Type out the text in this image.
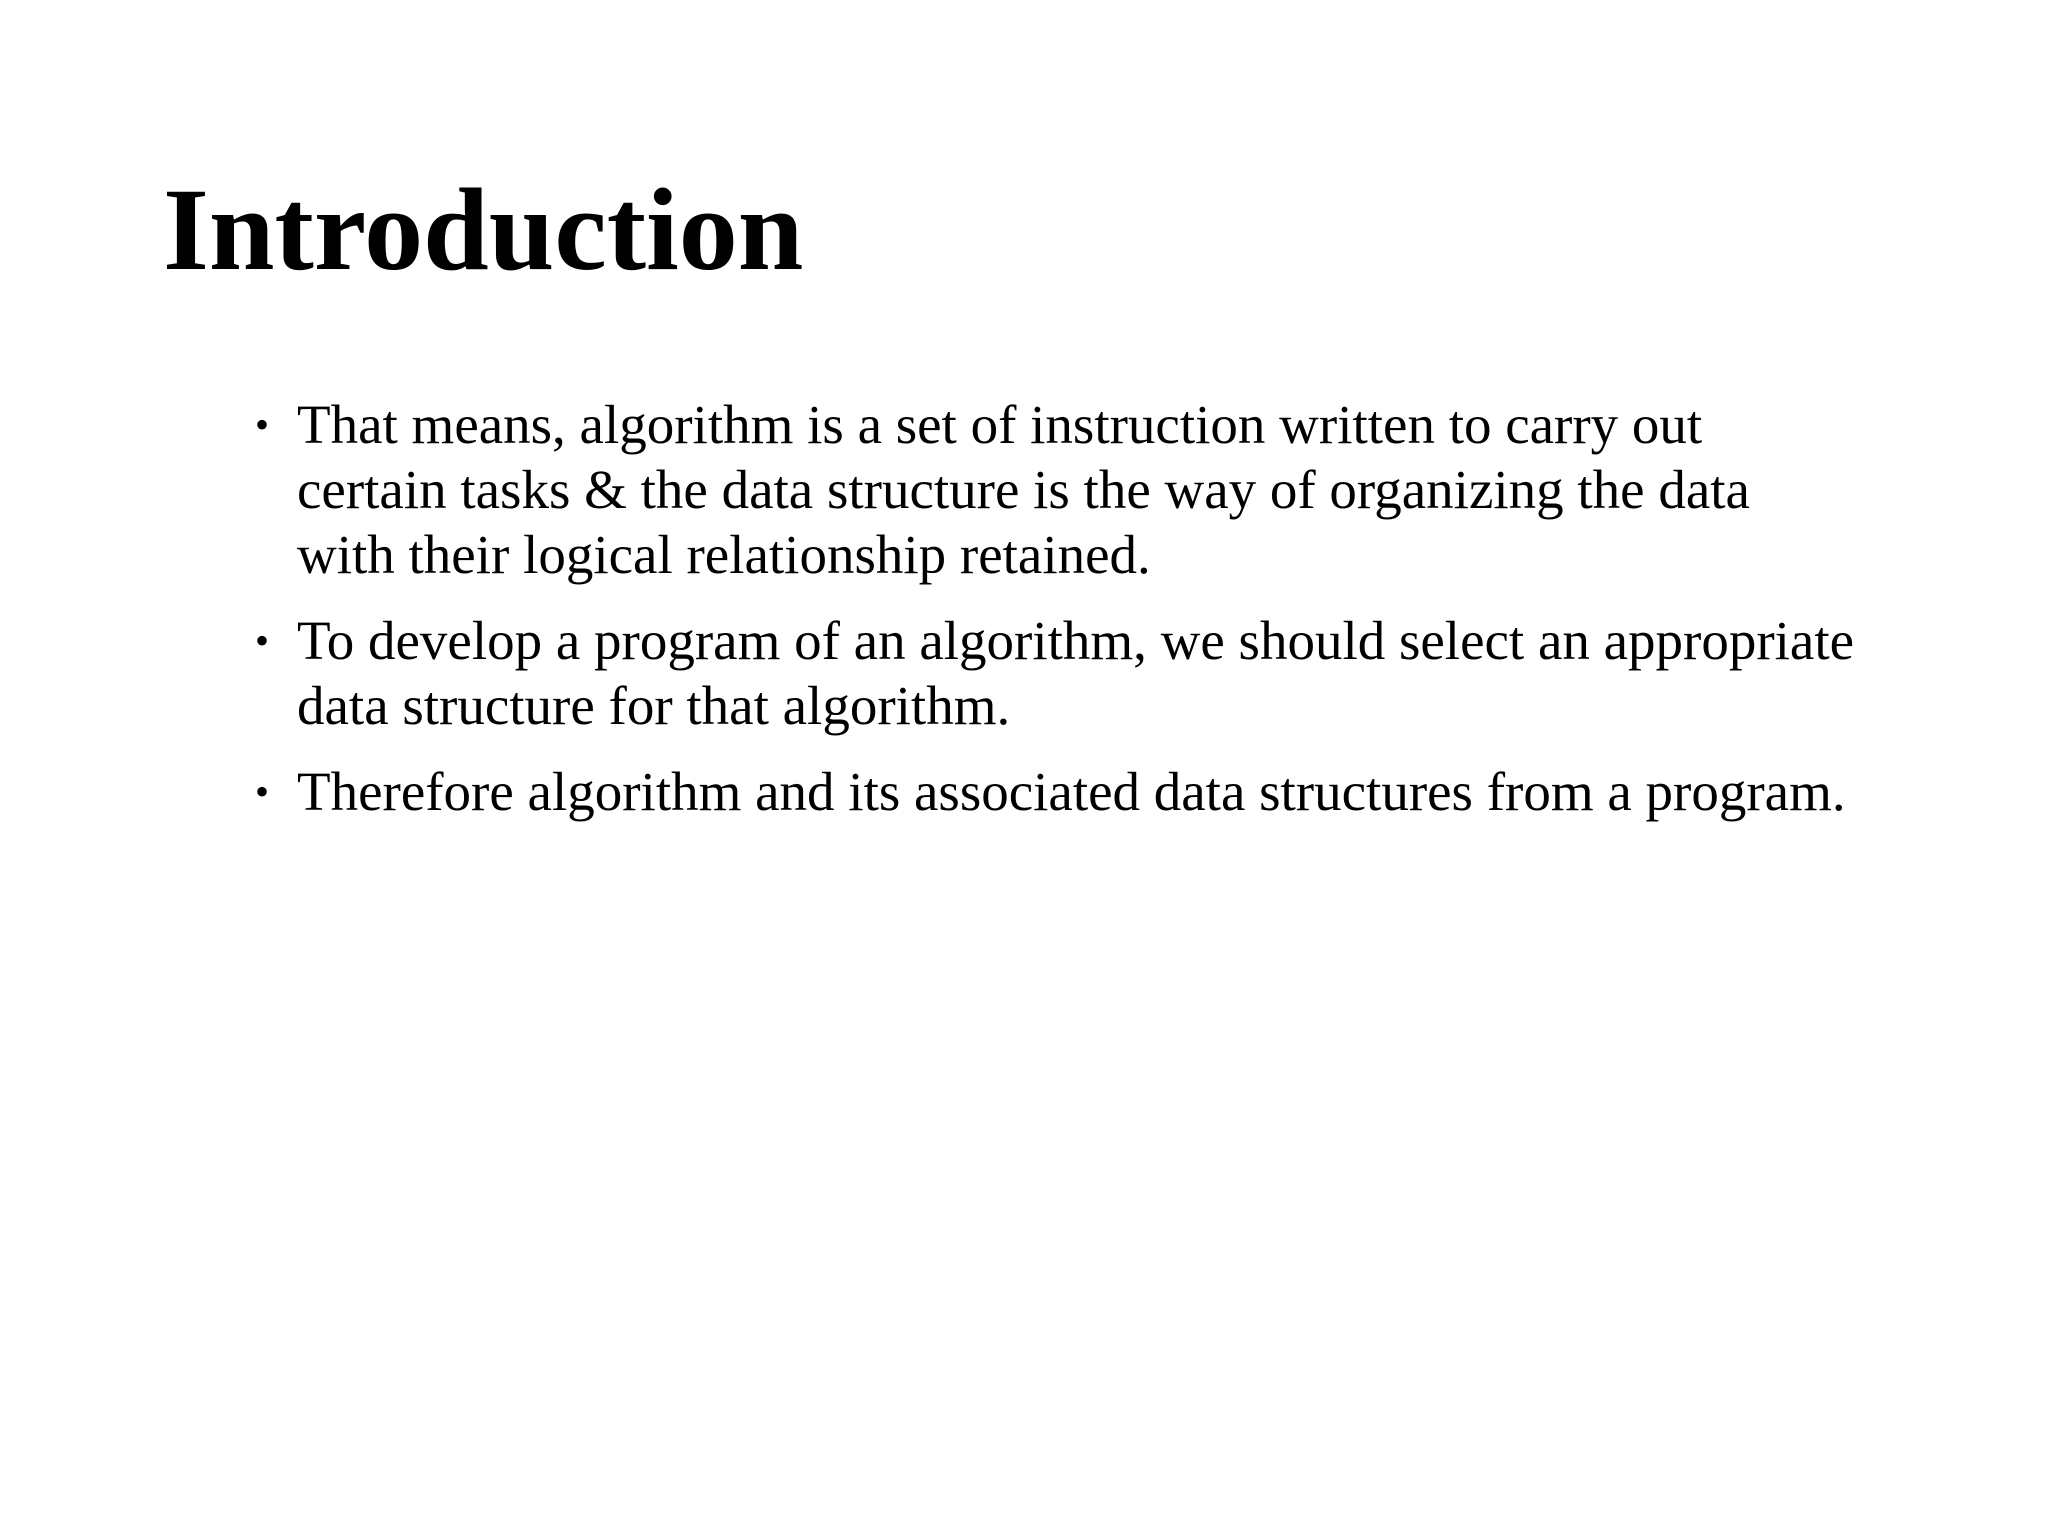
Introduction
• That means, algorithm is a set of instruction written to carry out
certain tasks & the data structure is the way of organizing the data
with their logical relationship retained.
• To develop a program of an algorithm, we should select an appropriate
data structure for that algorithm.
• Therefore algorithm and its associated data structures from a program.
